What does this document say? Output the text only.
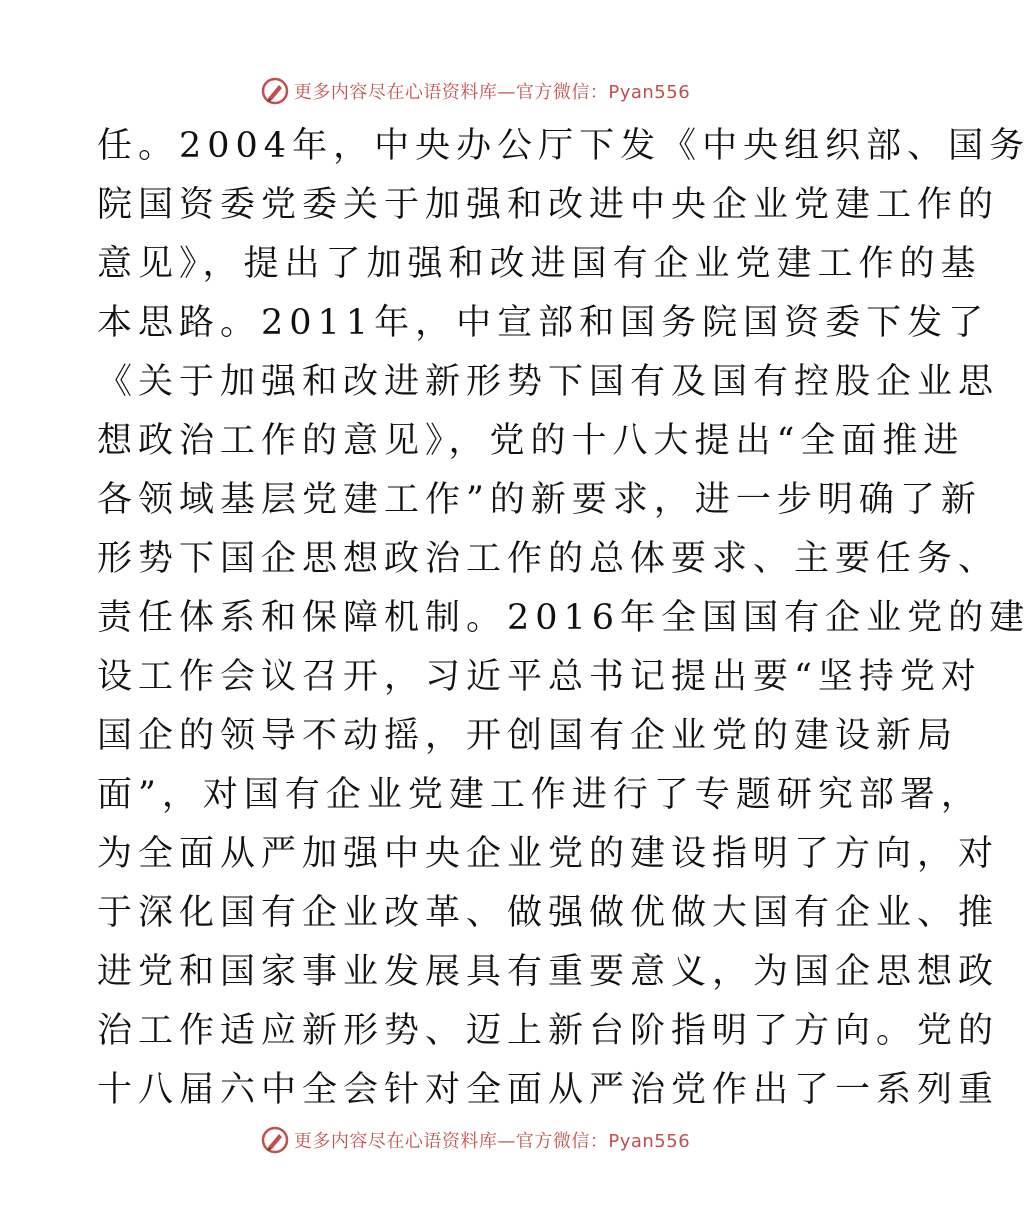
更多内容尽在心语资料库—官方微信：Pyan556
任。2004年，中央办公厅下发《中央组织部、国务
院国资委党委关于加强和改进中央企业党建工作的
意见》，提出了加强和改进国有企业党建工作的基
本思路。2011年，中宣部和国务院国资委下发了
《关于加强和改进新形势下国有及国有控股企业思
想政治工作的意见》，党的十八大提出“全面推进
各领域基层党建工作”的新要求，进一步明确了新
形势下国企思想政治工作的总体要求、主要任务、
责任体系和保障机制。2016年全国国有企业党的建
设工作会议召开，习近平总书记提出要“坚持党对
国企的领导不动摇，开创国有企业党的建设新局
面”，对国有企业党建工作进行了专题研究部署，
为全面从严加强中央企业党的建设指明了方向，对
于深化国有企业改革、做强做优做大国有企业、推
进党和国家事业发展具有重要意义，为国企思想政
治工作适应新形势、迈上新台阶指明了方向。党的
十八届六中全会针对全面从严治党作出了一系列重
更多内容尽在心语资料库—官方微信：Pyan556
